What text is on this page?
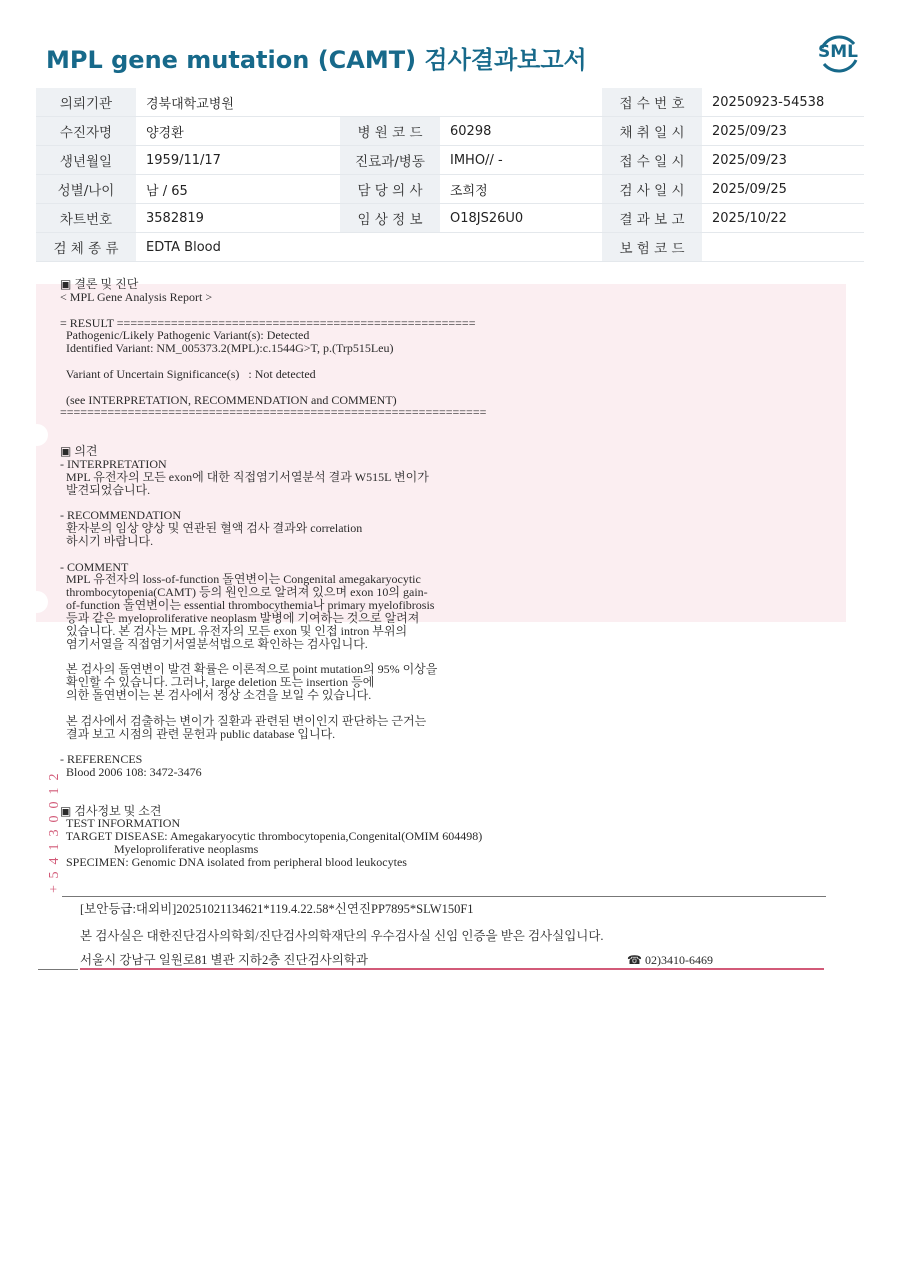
MPL gene mutation (CAMT) 검사결과보고서	SML
의뢰기관	경북대학교병원			접 수 번 호	20250923-54538
수진자명	양경환	병 원 코 드	60298	채 취 일 시	2025/09/23
생년월일	1959/11/17	진료과/병동	IMHO// -	접 수 일 시	2025/09/23
성별/나이	남 / 65	담 당 의 사	조희정	검 사 일 시	2025/09/25
차트번호	3582819	임 상 정 보	O18JS26U0	결 과 보 고	2025/10/22
검 체 종 류	EDTA Blood			보 험 코 드	
▣ 결론 및 진단
< MPL Gene Analysis Report >

= RESULT =====================================================
Pathogenic/Likely Pathogenic Variant(s): Detected
Identified Variant: NM_005373.2(MPL):c.1544G>T, p.(Trp515Leu)

Variant of Uncertain Significance(s)   : Not detected

(see INTERPRETATION, RECOMMENDATION and COMMENT)
===============================================================

▣ 의견
- INTERPRETATION
MPL 유전자의 모든 exon에 대한 직접염기서열분석 결과 W515L 변이가
발견되었습니다.

- RECOMMENDATION
환자분의 임상 양상 및 연관된 혈액 검사 결과와 correlation
하시기 바랍니다.

- COMMENT
MPL 유전자의 loss-of-function 돌연변이는 Congenital amegakaryocytic
thrombocytopenia(CAMT) 등의 원인으로 알려져 있으며 exon 10의 gain-
of-function 돌연변이는 essential thrombocythemia나 primary myelofibrosis
등과 같은 myeloproliferative neoplasm 발병에 기여하는 것으로 알려져
있습니다. 본 검사는 MPL 유전자의 모든 exon 및 인접 intron 부위의
염기서열을 직접염기서열분석법으로 확인하는 검사입니다.

본 검사의 돌연변이 발견 확률은 이론적으로 point mutation의 95% 이상을
확인할 수 있습니다. 그러나, large deletion 또는 insertion 등에
의한 돌연변이는 본 검사에서 정상 소견을 보일 수 있습니다.

본 검사에서 검출하는 변이가 질환과 관련된 변이인지 판단하는 근거는
결과 보고 시점의 관련 문헌과 public database 입니다.

- REFERENCES
Blood 2006 108: 3472-3476

▣ 검사정보 및 소견
TEST INFORMATION
TARGET DISEASE: Amegakaryocytic thrombocytopenia,Congenital(OMIM 604498)
Myeloproliferative neoplasms
SPECIMEN: Genomic DNA isolated from peripheral blood leukocytes
2
1
0
0
3
1
4
5
+
[보안등급:대외비]20251021134621*119.4.22.58*신연진PP7895*SLW150F1
본 검사실은 대한진단검사의학회/진단검사의학재단의 우수검사실 신임 인증을 받은 검사실입니다.
서울시 강남구 일원로81 별관 지하2층 진단검사의학과	☎ 02)3410-6469
